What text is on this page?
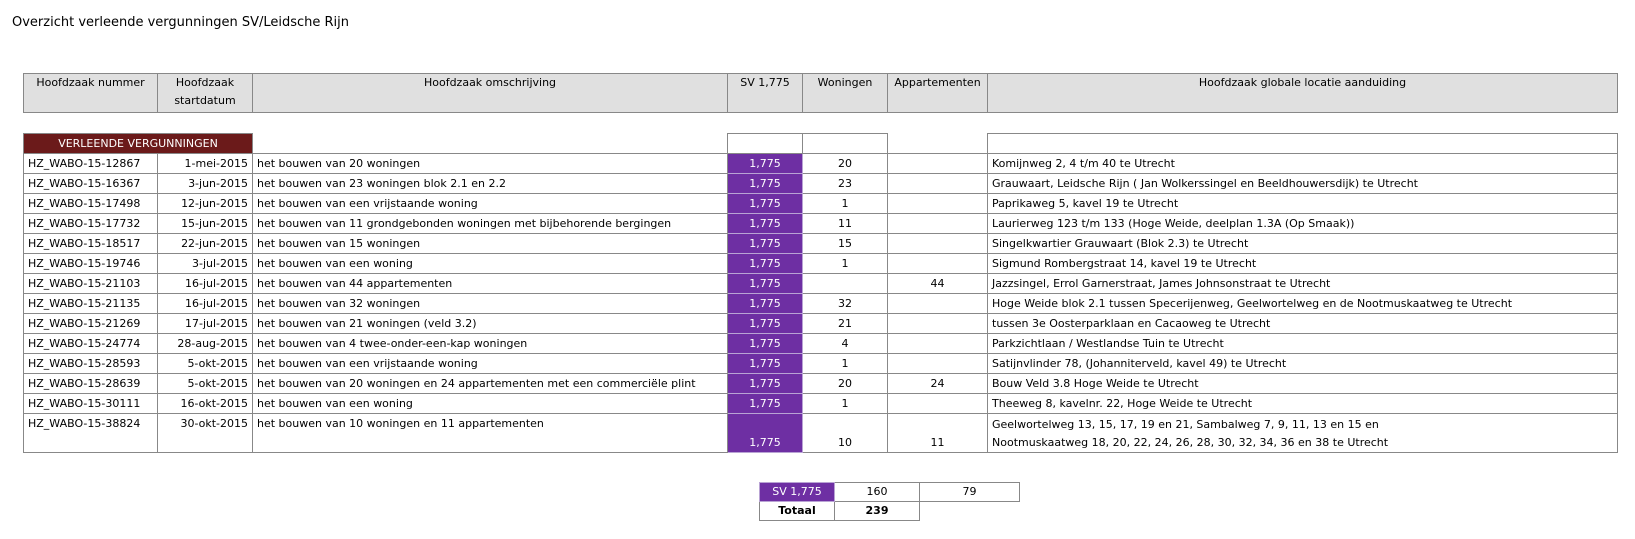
Overzicht verleende vergunningen SV/Leidsche Rijn
Hoofdzaak nummer	Hoofdzaak startdatum	Hoofdzaak omschrijving	SV 1,775	Woningen	Appartementen	Hoofdzaak globale locatie aanduiding

VERLEENDE VERGUNNINGEN						
HZ_WABO-15-12867	1-mei-2015	het bouwen van 20 woningen	1,775	20		Komijnweg 2, 4 t/m 40 te Utrecht
HZ_WABO-15-16367	3-jun-2015	het bouwen van 23 woningen blok 2.1 en 2.2	1,775	23		Grauwaart, Leidsche Rijn ( Jan Wolkerssingel en Beeldhouwersdijk) te Utrecht
HZ_WABO-15-17498	12-jun-2015	het bouwen van een vrijstaande woning	1,775	1		Paprikaweg 5, kavel 19 te Utrecht
HZ_WABO-15-17732	15-jun-2015	het bouwen van 11 grondgebonden woningen met bijbehorende bergingen	1,775	11		Laurierweg 123 t/m 133 (Hoge Weide, deelplan 1.3A (Op Smaak))
HZ_WABO-15-18517	22-jun-2015	het bouwen van 15 woningen	1,775	15		Singelkwartier Grauwaart (Blok 2.3) te Utrecht
HZ_WABO-15-19746	3-jul-2015	het bouwen van een woning	1,775	1		Sigmund Rombergstraat 14, kavel 19 te Utrecht
HZ_WABO-15-21103	16-jul-2015	het bouwen van 44 appartementen	1,775		44	Jazzsingel, Errol Garnerstraat, James Johnsonstraat te Utrecht
HZ_WABO-15-21135	16-jul-2015	het bouwen van 32 woningen	1,775	32		Hoge Weide blok 2.1 tussen Specerijenweg, Geelwortelweg en de Nootmuskaatweg te Utrecht
HZ_WABO-15-21269	17-jul-2015	het bouwen van 21 woningen (veld 3.2)	1,775	21		tussen 3e Oosterparklaan en Cacaoweg te Utrecht
HZ_WABO-15-24774	28-aug-2015	het bouwen van 4 twee-onder-een-kap woningen	1,775	4		Parkzichtlaan / Westlandse Tuin te Utrecht
HZ_WABO-15-28593	5-okt-2015	het bouwen van een vrijstaande woning	1,775	1		Satijnvlinder 78, (Johanniterveld, kavel 49) te Utrecht
HZ_WABO-15-28639	5-okt-2015	het bouwen van 20 woningen en 24 appartementen met een commerciële plint	1,775	20	24	Bouw Veld 3.8 Hoge Weide te Utrecht
HZ_WABO-15-30111	16-okt-2015	het bouwen van een woning	1,775	1		Theeweg 8, kavelnr. 22, Hoge Weide te Utrecht
HZ_WABO-15-38824	30-okt-2015	het bouwen van 10 woningen en 11 appartementen	1,775	10	11	Geelwortelweg 13, 15, 17, 19 en 21, Sambalweg 7, 9, 11, 13 en 15 en
Nootmuskaatweg 18, 20, 22, 24, 26, 28, 30, 32, 34, 36 en 38 te Utrecht
SV 1,775	160	79
Totaal	239	
